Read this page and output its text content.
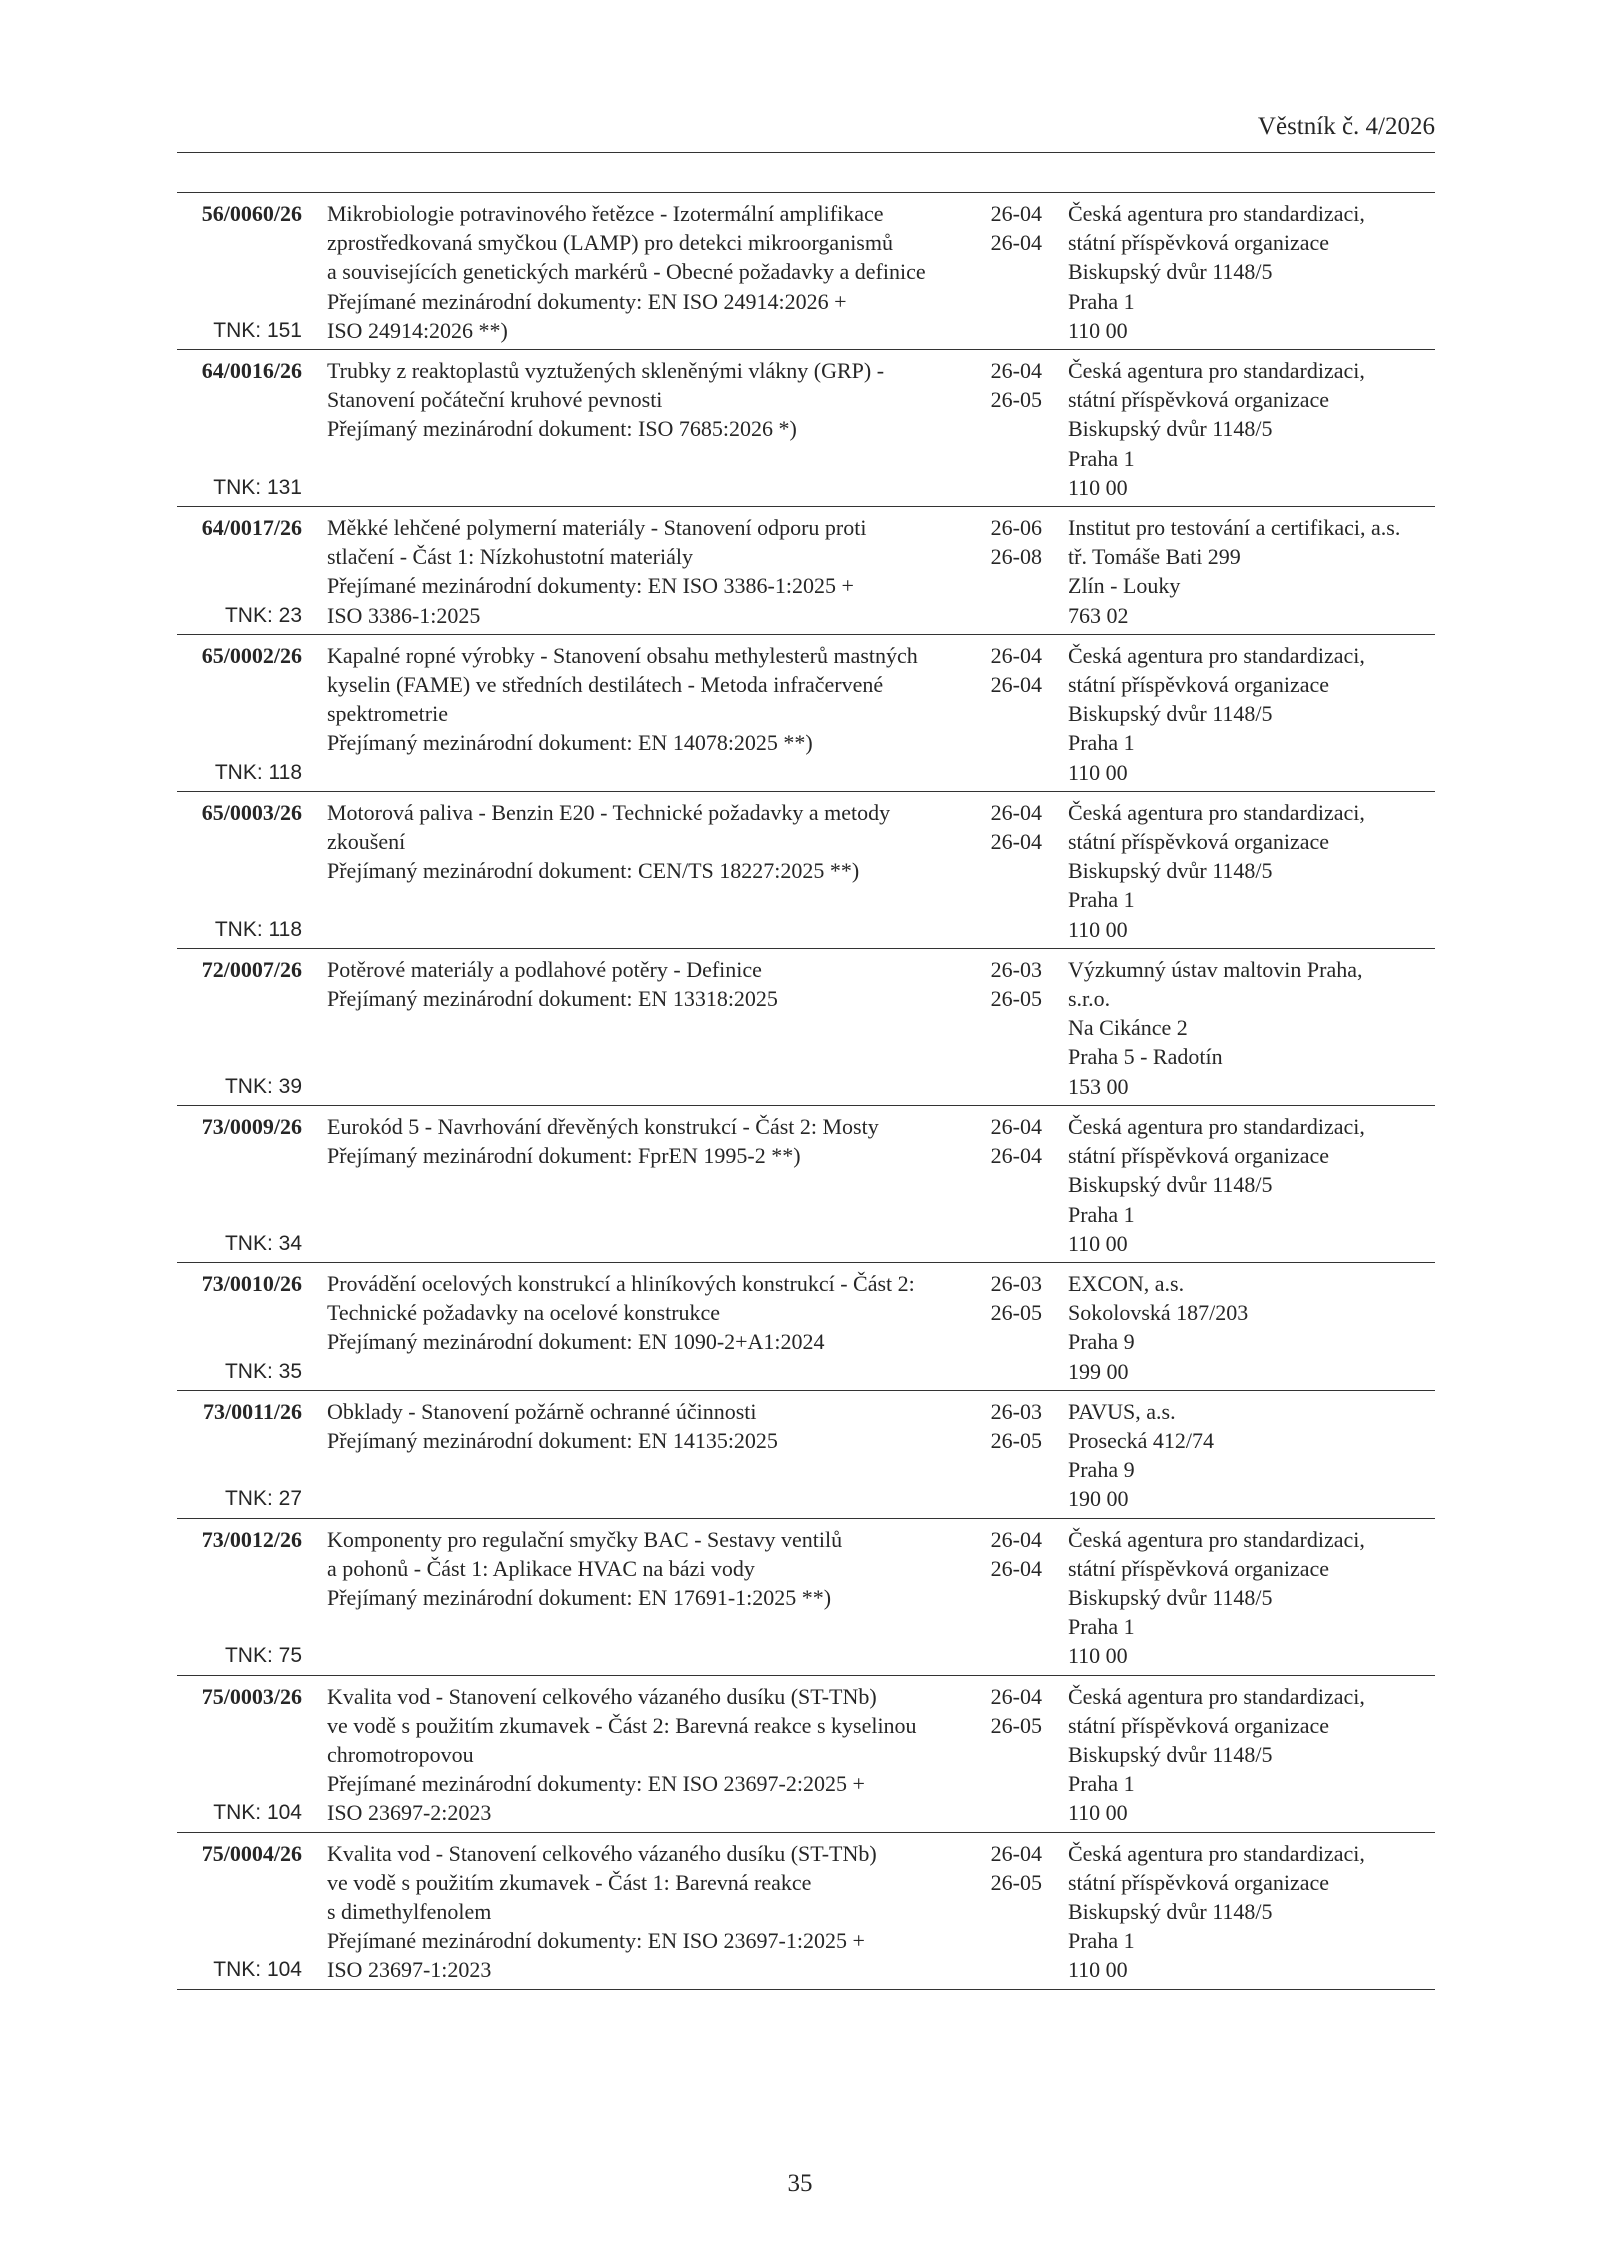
Věstník č. 4/2026
56/0060/26
TNK: 151
Mikrobiologie potravinového řetězce - Izotermální amplifikace
zprostředkovaná smyčkou (LAMP) pro detekci mikroorganismů
a souvisejících genetických markérů - Obecné požadavky a definice
Přejímané mezinárodní dokumenty: EN ISO 24914:2026 +
ISO 24914:2026 **)
26-04
26-04
Česká agentura pro standardizaci,
státní příspěvková organizace
Biskupský dvůr 1148/5
Praha 1
110 00
64/0016/26
TNK: 131
Trubky z reaktoplastů vyztužených skleněnými vlákny (GRP) -
Stanovení počáteční kruhové pevnosti
Přejímaný mezinárodní dokument: ISO 7685:2026 *)
26-04
26-05
Česká agentura pro standardizaci,
státní příspěvková organizace
Biskupský dvůr 1148/5
Praha 1
110 00
64/0017/26
TNK: 23
Měkké lehčené polymerní materiály - Stanovení odporu proti
stlačení - Část 1: Nízkohustotní materiály
Přejímané mezinárodní dokumenty: EN ISO 3386-1:2025 +
ISO 3386-1:2025
26-06
26-08
Institut pro testování a certifikaci, a.s.
tř. Tomáše Bati 299
Zlín - Louky
763 02
65/0002/26
TNK: 118
Kapalné ropné výrobky - Stanovení obsahu methylesterů mastných
kyselin (FAME) ve středních destilátech - Metoda infračervené
spektrometrie
Přejímaný mezinárodní dokument: EN 14078:2025 **)
26-04
26-04
Česká agentura pro standardizaci,
státní příspěvková organizace
Biskupský dvůr 1148/5
Praha 1
110 00
65/0003/26
TNK: 118
Motorová paliva - Benzin E20 - Technické požadavky a metody
zkoušení
Přejímaný mezinárodní dokument: CEN/TS 18227:2025 **)
26-04
26-04
Česká agentura pro standardizaci,
státní příspěvková organizace
Biskupský dvůr 1148/5
Praha 1
110 00
72/0007/26
TNK: 39
Potěrové materiály a podlahové potěry - Definice
Přejímaný mezinárodní dokument: EN 13318:2025
26-03
26-05
Výzkumný ústav maltovin Praha,
s.r.o.
Na Cikánce 2
Praha 5 - Radotín
153 00
73/0009/26
TNK: 34
Eurokód 5 - Navrhování dřevěných konstrukcí - Část 2: Mosty
Přejímaný mezinárodní dokument: FprEN 1995-2 **)
26-04
26-04
Česká agentura pro standardizaci,
státní příspěvková organizace
Biskupský dvůr 1148/5
Praha 1
110 00
73/0010/26
TNK: 35
Provádění ocelových konstrukcí a hliníkových konstrukcí - Část 2:
Technické požadavky na ocelové konstrukce
Přejímaný mezinárodní dokument: EN 1090-2+A1:2024
26-03
26-05
EXCON, a.s.
Sokolovská 187/203
Praha 9
199 00
73/0011/26
TNK: 27
Obklady - Stanovení požárně ochranné účinnosti
Přejímaný mezinárodní dokument: EN 14135:2025
26-03
26-05
PAVUS, a.s.
Prosecká 412/74
Praha 9
190 00
73/0012/26
TNK: 75
Komponenty pro regulační smyčky BAC - Sestavy ventilů
a pohonů - Část 1: Aplikace HVAC na bázi vody
Přejímaný mezinárodní dokument: EN 17691-1:2025 **)
26-04
26-04
Česká agentura pro standardizaci,
státní příspěvková organizace
Biskupský dvůr 1148/5
Praha 1
110 00
75/0003/26
TNK: 104
Kvalita vod - Stanovení celkového vázaného dusíku (ST-TNb)
ve vodě s použitím zkumavek - Část 2: Barevná reakce s kyselinou
chromotropovou
Přejímané mezinárodní dokumenty: EN ISO 23697-2:2025 +
ISO 23697-2:2023
26-04
26-05
Česká agentura pro standardizaci,
státní příspěvková organizace
Biskupský dvůr 1148/5
Praha 1
110 00
75/0004/26
TNK: 104
Kvalita vod - Stanovení celkového vázaného dusíku (ST-TNb)
ve vodě s použitím zkumavek - Část 1: Barevná reakce
s dimethylfenolem
Přejímané mezinárodní dokumenty: EN ISO 23697-1:2025 +
ISO 23697-1:2023
26-04
26-05
Česká agentura pro standardizaci,
státní příspěvková organizace
Biskupský dvůr 1148/5
Praha 1
110 00
35
